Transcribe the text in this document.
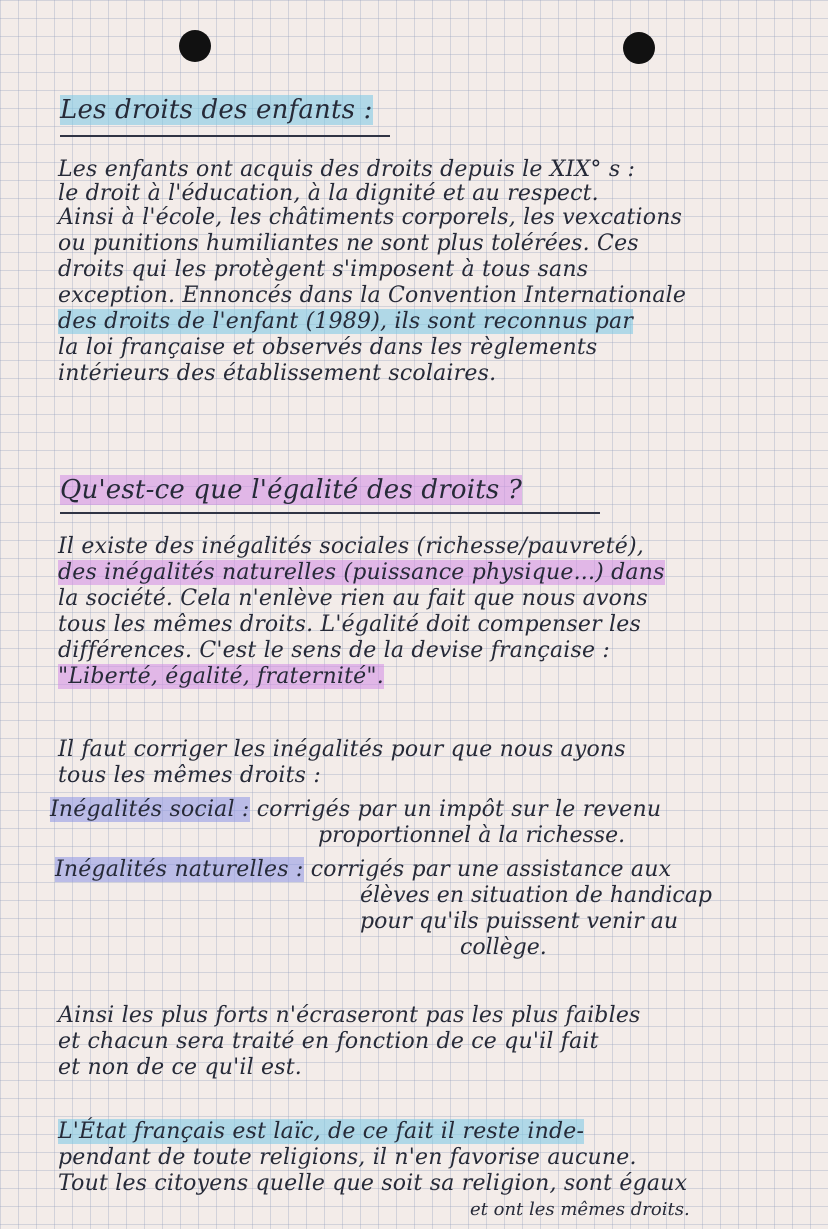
Les droits des enfants :
Les enfants ont acquis des droits depuis le XIX° s :
le droit à l'éducation, à la dignité et au respect.
Ainsi à l'école, les châtiments corporels, les vexcations
ou punitions humiliantes ne sont plus tolérées. Ces
droits qui les protègent s'imposent à tous sans
exception. Ennoncés dans la Convention Internationale
des droits de l'enfant (1989), ils sont reconnus par
la loi française et observés dans les règlements
intérieurs des établissement scolaires.
Qu'est-ce que l'égalité des droits ?
Il existe des inégalités sociales (richesse/pauvreté),
des inégalités naturelles (puissance physique...) dans
la société. Cela n'enlève rien au fait que nous avons
tous les mêmes droits. L'égalité doit compenser les
différences. C'est le sens de la devise française :
"Liberté, égalité, fraternité".
Il faut corriger les inégalités pour que nous ayons
tous les mêmes droits :
Inégalités social : corrigés par un impôt sur le revenu
proportionnel à la richesse.
Inégalités naturelles : corrigés par une assistance aux
élèves en situation de handicap
pour qu'ils puissent venir au
collège.
Ainsi les plus forts n'écraseront pas les plus faibles
et chacun sera traité en fonction de ce qu'il fait
et non de ce qu'il est.
L'État français est laïc, de ce fait il reste inde-
pendant de toute religions, il n'en favorise aucune.
Tout les citoyens quelle que soit sa religion, sont égaux
et ont les mêmes droits.
